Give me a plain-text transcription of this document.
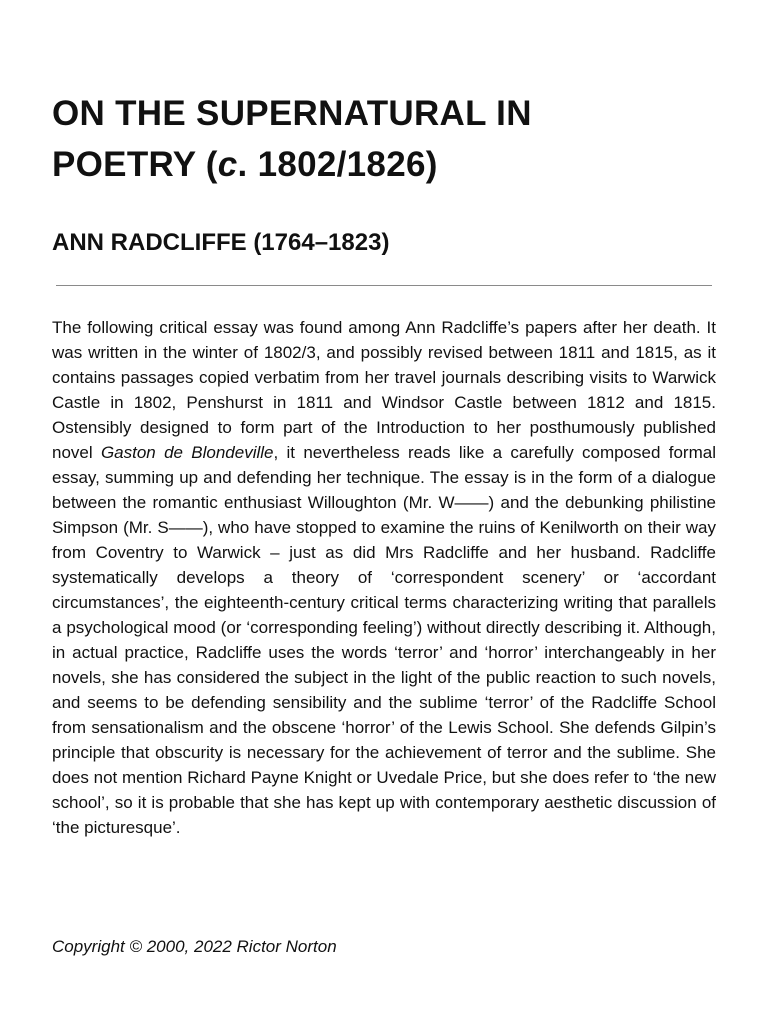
ON THE SUPERNATURAL IN
POETRY (c. 1802/1826)
ANN RADCLIFFE (1764–1823)

The following critical essay was found among Ann Radcliffe’s papers after her death. It was written in the winter of 1802/3, and possibly revised between 1811 and 1815, as it contains passages copied verbatim from her travel journals describing visits to Warwick Castle in 1802, Penshurst in 1811 and Windsor Castle between 1812 and 1815. Ostensibly designed to form part of the Introduction to her posthumously published novel Gaston de Blondeville, it nevertheless reads like a carefully composed formal essay, summing up and defending her technique. The essay is in the form of a dialogue between the romantic enthusiast Willoughton (Mr. W——) and the debunking philistine Simpson (Mr. S——), who have stopped to examine the ruins of Kenilworth on their way from Coventry to Warwick – just as did Mrs Radcliffe and her husband. Radcliffe systematically develops a theory of ‘correspondent scenery’ or ‘accordant circumstances’, the eighteenth-century critical terms characterizing writing that parallels a psychological mood (or ‘corresponding feeling’) without directly describing it. Although, in actual practice, Radcliffe uses the words ‘terror’ and ‘horror’ interchangeably in her novels, she has considered the subject in the light of the public reaction to such novels, and seems to be defending sensibility and the sublime ‘terror’ of the Radcliffe School from sensationalism and the obscene ‘horror’ of the Lewis School. She defends Gilpin’s principle that obscurity is necessary for the achievement of terror and the sublime. She does not mention Richard Payne Knight or Uvedale Price, but she does refer to ‘the new school’, so it is probable that she has kept up with contemporary aesthetic discussion of ‘the picturesque’.

Copyright © 2000, 2022 Rictor Norton
